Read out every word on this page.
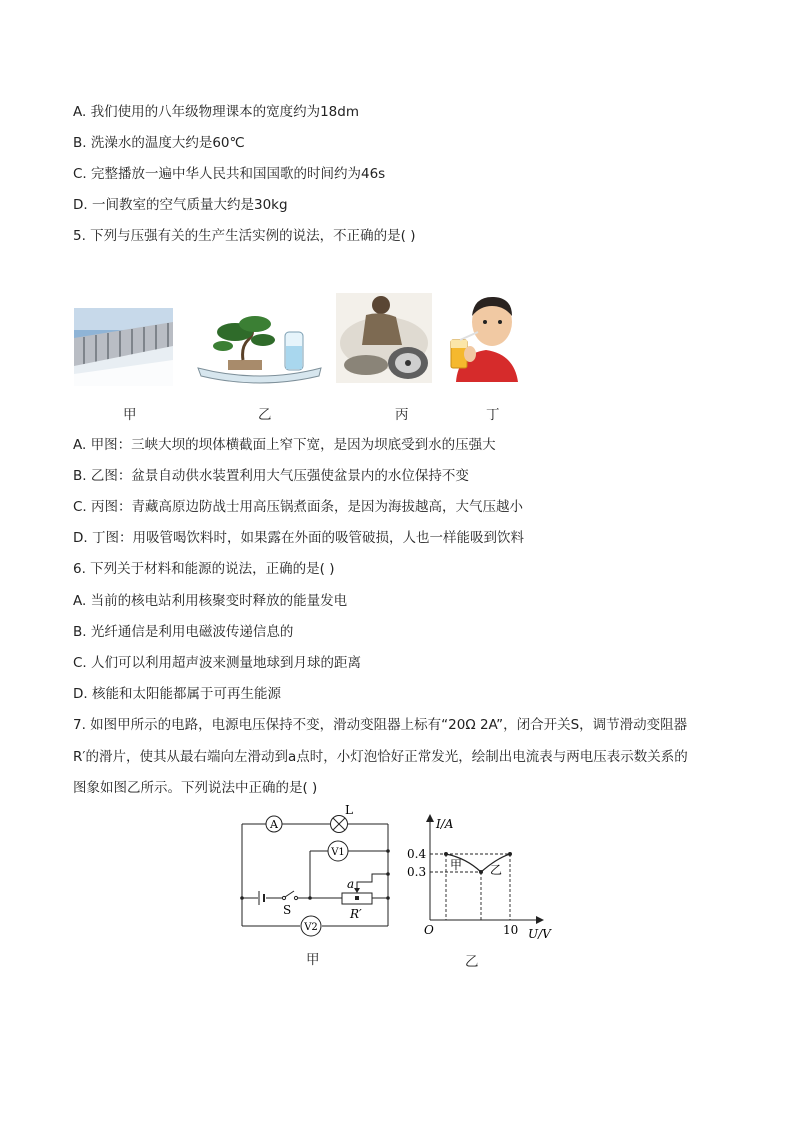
A. 我们使用的八年级物理课本的宽度约为18dm
B. 洗澡水的温度大约是60℃
C. 完整播放一遍中华人民共和国国歌的时间约为46s
D. 一间教室的空气质量大约是30kg
5. 下列与压强有关的生产生活实例的说法，不正确的是( )
甲	乙	丙	丁
A. 甲图：三峡大坝的坝体横截面上窄下宽，是因为坝底受到水的压强大
B. 乙图：盆景自动供水装置利用大气压强使盆景内的水位保持不变
C. 丙图：青藏高原边防战士用高压锅煮面条，是因为海拔越高，大气压越小
D. 丁图：用吸管喝饮料时，如果露在外面的吸管破损，人也一样能吸到饮料
6. 下列关于材料和能源的说法，正确的是( )
A. 当前的核电站利用核聚变时释放的能量发电
B. 光纤通信是利用电磁波传递信息的
C. 人们可以利用超声波来测量地球到月球的距离
D. 核能和太阳能都属于可再生能源
7. 如图甲所示的电路，电源电压保持不变，滑动变阻器上标有“20Ω 2A”，闭合开关S，调节滑动变阻器
R′的滑片，使其从最右端向左滑动到a点时，小灯泡恰好正常发光，绘制出电流表与两电压表示数关系的
图象如图乙所示。下列说法中正确的是( )
A
L
V1
V2
S
a
R′
甲
I/A
U/V
O
0.4
0.3
10
甲 乙
乙
